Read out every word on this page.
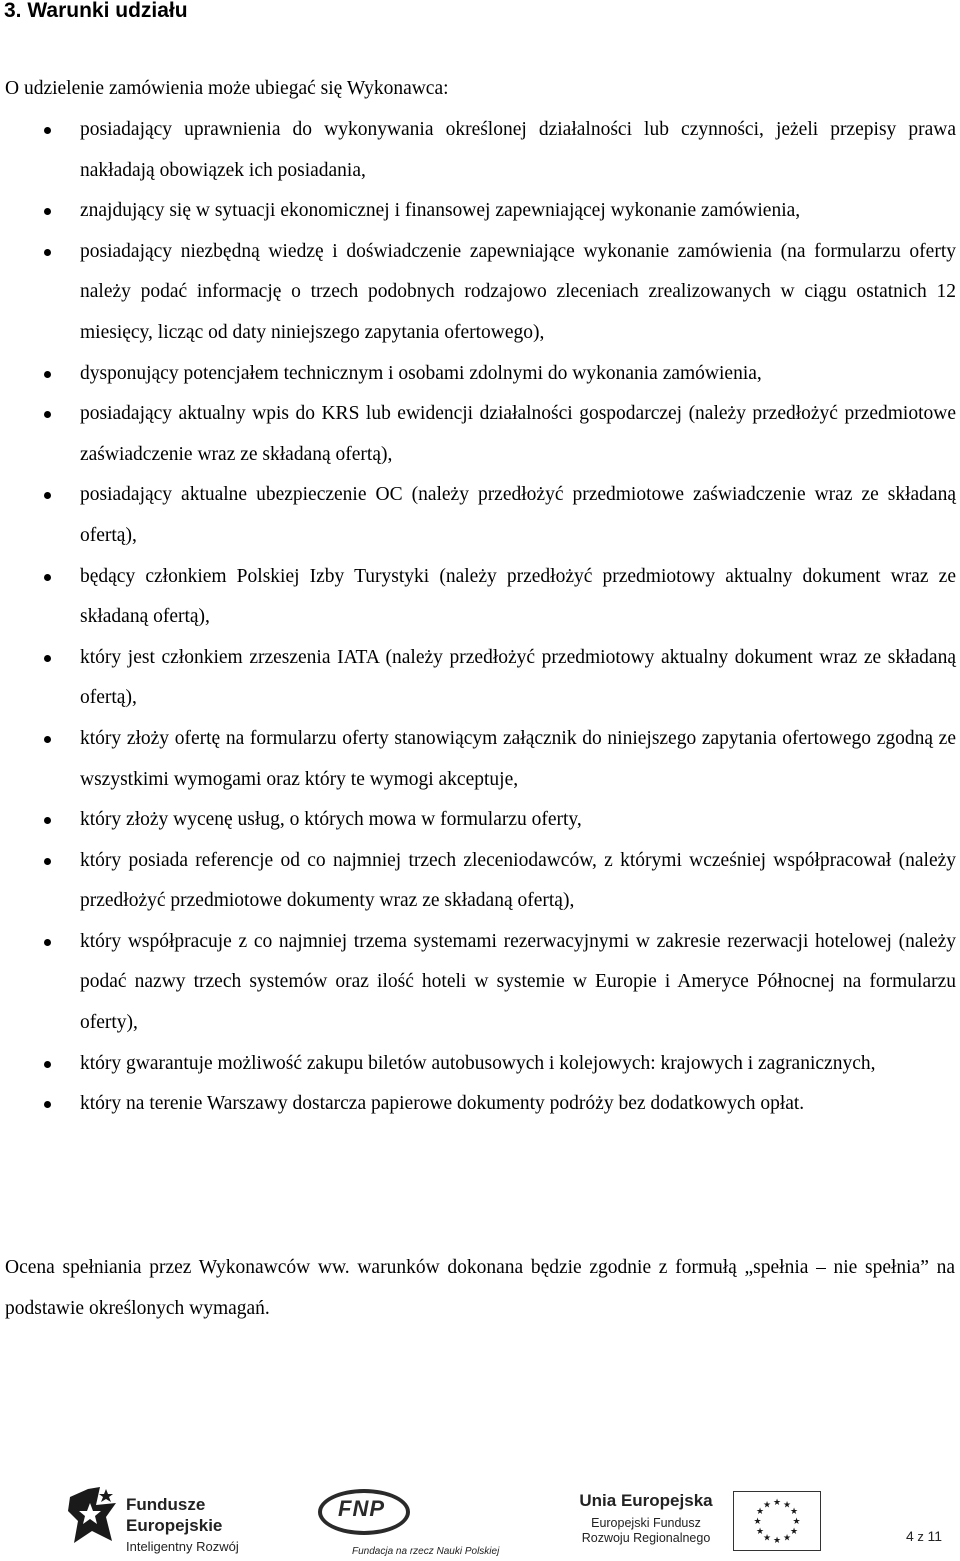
3. Warunki udziału

O udzielenie zamówienia może ubiegać się Wykonawca:

posiadający uprawnienia do wykonywania określonej działalności lub czynności, jeżeli przepisy prawa nakładają obowiązek ich posiadania,
znajdujący się w sytuacji ekonomicznej i finansowej zapewniającej wykonanie zamówienia,
posiadający niezbędną wiedzę i doświadczenie zapewniające wykonanie zamówienia (na formularzu oferty należy podać informację o trzech podobnych rodzajowo zleceniach zrealizowanych w ciągu ostatnich 12 miesięcy, licząc od daty niniejszego zapytania ofertowego),
dysponujący potencjałem technicznym i osobami zdolnymi do wykonania zamówienia,
posiadający aktualny wpis do KRS lub ewidencji działalności gospodarczej (należy przedłożyć przedmiotowe zaświadczenie wraz ze składaną ofertą),
posiadający aktualne ubezpieczenie OC (należy przedłożyć przedmiotowe zaświadczenie wraz ze składaną ofertą),
będący członkiem Polskiej Izby Turystyki (należy przedłożyć przedmiotowy aktualny dokument wraz ze składaną ofertą),
który jest członkiem zrzeszenia IATA (należy przedłożyć przedmiotowy aktualny dokument wraz ze składaną ofertą),
który złoży ofertę na formularzu oferty stanowiącym załącznik do niniejszego zapytania ofertowego zgodną ze wszystkimi wymogami oraz który te wymogi akceptuje,
który złoży wycenę usług, o których mowa w formularzu oferty,
który posiada referencje od co najmniej trzech zleceniodawców, z którymi wcześniej współpracował (należy przedłożyć przedmiotowe dokumenty wraz ze składaną ofertą),
który współpracuje z co najmniej trzema systemami rezerwacyjnymi w zakresie rezerwacji hotelowej (należy podać nazwy trzech systemów oraz ilość hoteli w systemie w Europie i Ameryce Północnej na formularzu oferty),
który gwarantuje możliwość zakupu biletów autobusowych i kolejowych: krajowych i zagranicznych,
który na terenie Warszawy dostarcza papierowe dokumenty podróży bez dodatkowych opłat.

Ocena spełniania przez Wykonawców ww. warunków dokonana będzie zgodnie z formułą „spełnia – nie spełnia” na podstawie określonych wymagań.

Fundusze
Europejskie
Inteligentny Rozwój
FNP
Fundacja na rzecz Nauki Polskiej
Unia Europejska
Europejski Fundusz
Rozwoju Regionalnego
★ ★
★
★
★
★
★
★
★
★
★
★
4 z 11
